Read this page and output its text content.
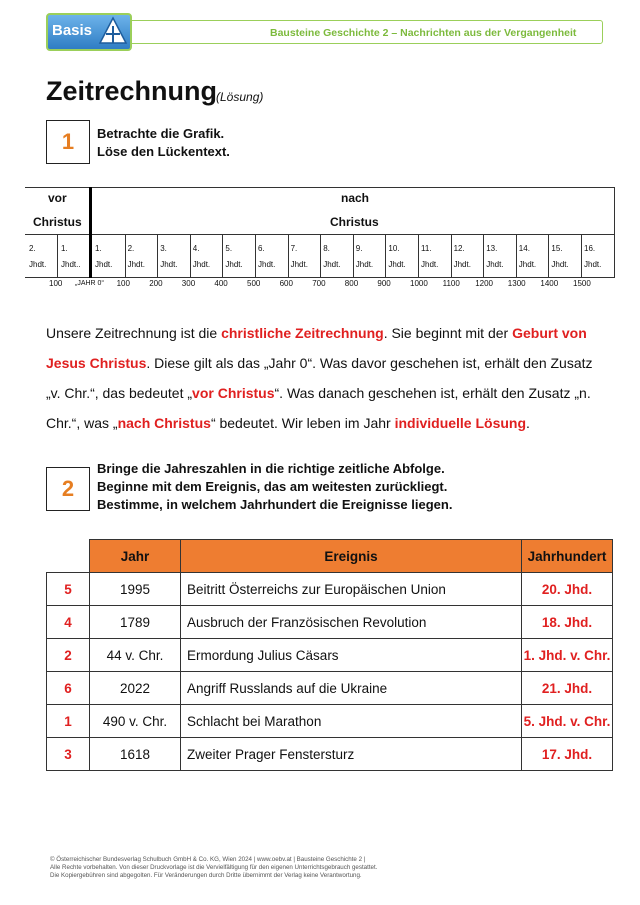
Basis	Bausteine Geschichte 2 – Nachrichten aus der Vergangenheit
Zeitrechnung
(Lösung)
1	Betrachte die Grafik.
Löse den Lückentext.
vor
Christus
nach
Christus
2.
Jhdt.
1.
Jhdt..
1.
Jhdt.
2.
Jhdt.
3.
Jhdt.
4.
Jhdt.
5.
Jhdt.
6.
Jhdt.
7.
Jhdt.
8.
Jhdt.
9.
Jhdt.
10.
Jhdt.
11.
Jhdt.
12.
Jhdt.
13.
Jhdt.
14.
Jhdt.
15.
Jhdt.
16.
Jhdt.
100	100 200 300 400 500 600 700 800 900 1000 1100 1200 1300 1400 1500
„JAHR 0“
Unsere Zeitrechnung ist die christliche Zeitrechnung. Sie beginnt mit der Geburt von Jesus Christus. Diese gilt als das „Jahr 0“. Was davor geschehen ist, erhält den Zusatz „v. Chr.“, das bedeutet „vor Christus“. Was danach geschehen ist, erhält den Zusatz „n. Chr.“, was „nach Christus“ bedeutet. Wir leben im Jahr individuelle Lösung.
2
Bringe die Jahreszahlen in die richtige zeitliche Abfolge.
Beginne mit dem Ereignis, das am weitesten zurückliegt.
Bestimme, in welchem Jahrhundert die Ereignisse liegen.
	Jahr	Ereignis	Jahrhundert
5	1995	Beitritt Österreichs zur Europäischen Union	20. Jhd.
4	1789	Ausbruch der Französischen Revolution	18. Jhd.
2	44 v. Chr.	Ermordung Julius Cäsars	1. Jhd. v. Chr.
6	2022	Angriff Russlands auf die Ukraine	21. Jhd.
1	490 v. Chr.	Schlacht bei Marathon	5. Jhd. v. Chr.
3	1618	Zweiter Prager Fenstersturz	17. Jhd.
© Österreichischer Bundesverlag Schulbuch GmbH & Co. KG, Wien 2024 | www.oebv.at | Bausteine Geschichte 2 |
Alle Rechte vorbehalten. Von dieser Druckvorlage ist die Vervielfältigung für den eigenen Unterrichtsgebrauch gestattet.
Die Kopiergebühren sind abgegolten. Für Veränderungen durch Dritte übernimmt der Verlag keine Verantwortung.
